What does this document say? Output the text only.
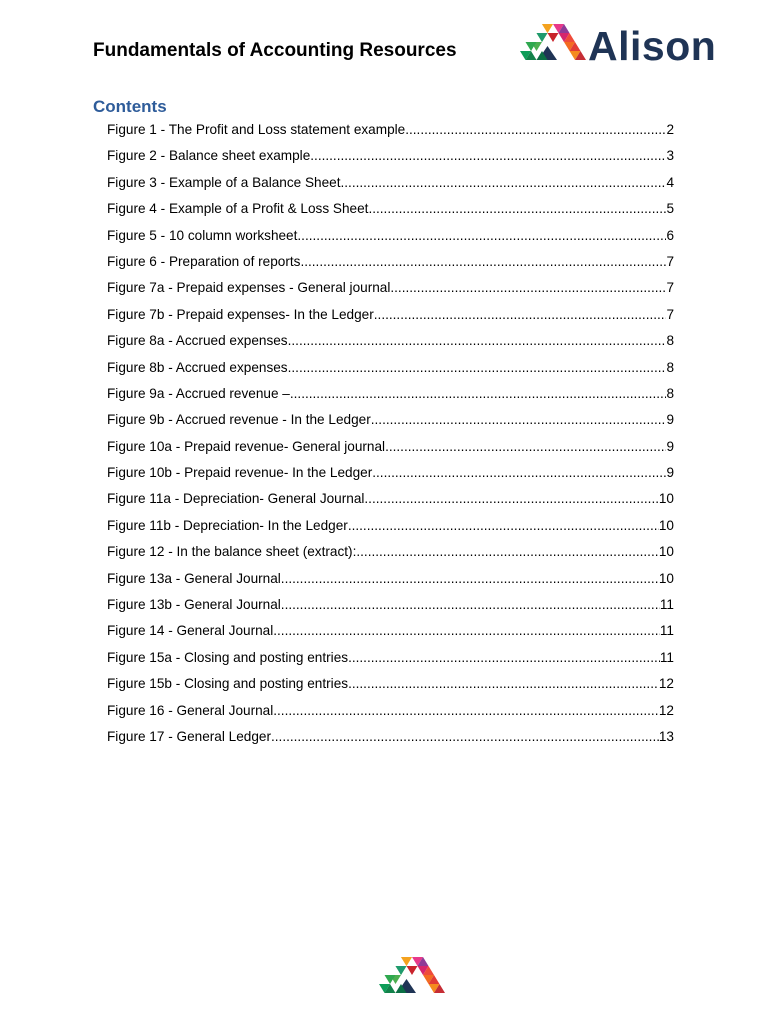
Fundamentals of Accounting Resources	Alison
Contents
Figure 1 - The Profit and Loss statement example .....	2
Figure 2 - Balance sheet example .....	3
Figure 3 - Example of a Balance Sheet .....	4
Figure 4 - Example of a Profit & Loss Sheet .....	5
Figure 5 - 10 column worksheet .....	6
Figure 6 - Preparation of reports .....	7
Figure 7a - Prepaid expenses - General journal .....	7
Figure 7b - Prepaid expenses- In the Ledger .....	7
Figure 8a - Accrued expenses .....	8
Figure 8b - Accrued expenses .....	8
Figure 9a - Accrued revenue – .....	8
Figure 9b - Accrued revenue - In the Ledger .....	9
Figure 10a - Prepaid revenue- General journal .....	9
Figure 10b - Prepaid revenue- In the Ledger .....	9
Figure 11a - Depreciation- General Journal .....	10
Figure 11b - Depreciation- In the Ledger .....	10
Figure 12 - In the balance sheet (extract): .....	10
Figure 13a - General Journal .....	10
Figure 13b - General Journal .....	11
Figure 14 - General Journal .....	11
Figure 15a - Closing and posting entries .....	11
Figure 15b - Closing and posting entries .....	12
Figure 16 - General Journal .....	12
Figure 17 - General Ledger .....	13
